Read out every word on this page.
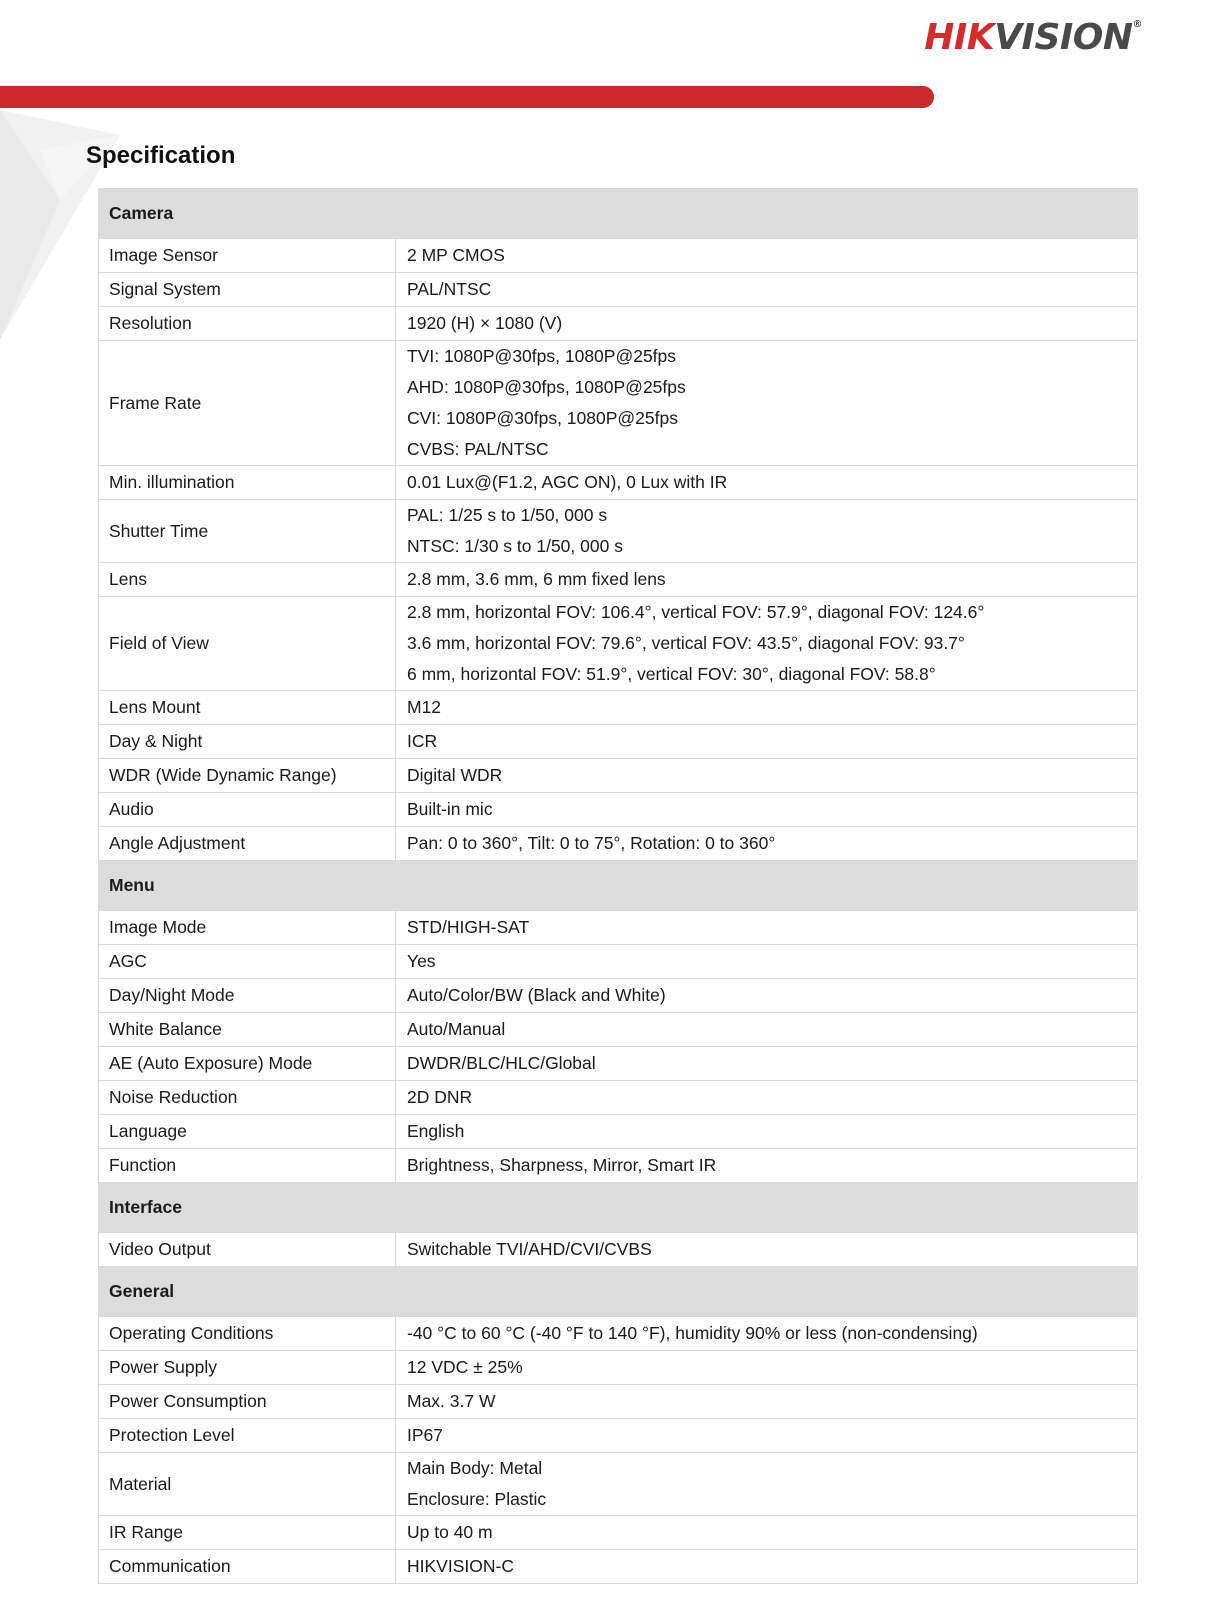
HIKVISION®
Specification
Camera	
Image Sensor	2 MP CMOS

Signal System	PAL/NTSC

Resolution	1920 (H) × 1080 (V)

Frame Rate	TVI: 1080P@30fps, 1080P@25fps
AHD: 1080P@30fps, 1080P@25fps
CVI: 1080P@30fps, 1080P@25fps
CVBS: PAL/NTSC

Min. illumination	0.01 Lux@(F1.2, AGC ON), 0 Lux with IR

Shutter Time	PAL: 1/25 s to 1/50, 000 s
NTSC: 1/30 s to 1/50, 000 s

Lens	2.8 mm, 3.6 mm, 6 mm fixed lens

Field of View	2.8 mm, horizontal FOV: 106.4°, vertical FOV: 57.9°, diagonal FOV: 124.6°
3.6 mm, horizontal FOV: 79.6°, vertical FOV: 43.5°, diagonal FOV: 93.7°
6 mm, horizontal FOV: 51.9°, vertical FOV: 30°, diagonal FOV: 58.8°

Lens Mount	M12

Day & Night	ICR

WDR (Wide Dynamic Range)	Digital WDR

Audio	Built-in mic

Angle Adjustment	Pan: 0 to 360°, Tilt: 0 to 75°, Rotation: 0 to 360°

Menu	
Image Mode	STD/HIGH-SAT

AGC	Yes

Day/Night Mode	Auto/Color/BW (Black and White)

White Balance	Auto/Manual

AE (Auto Exposure) Mode	DWDR/BLC/HLC/Global

Noise Reduction	2D DNR

Language	English

Function	Brightness, Sharpness, Mirror, Smart IR

Interface	
Video Output	Switchable TVI/AHD/CVI/CVBS

General	
Operating Conditions	-40 °C to 60 °C (-40 °F to 140 °F), humidity 90% or less (non-condensing)

Power Supply	12 VDC ± 25%

Power Consumption	Max. 3.7 W

Protection Level	IP67

Material	Main Body: Metal
Enclosure: Plastic

IR Range	Up to 40 m

Communication	HIKVISION-C
